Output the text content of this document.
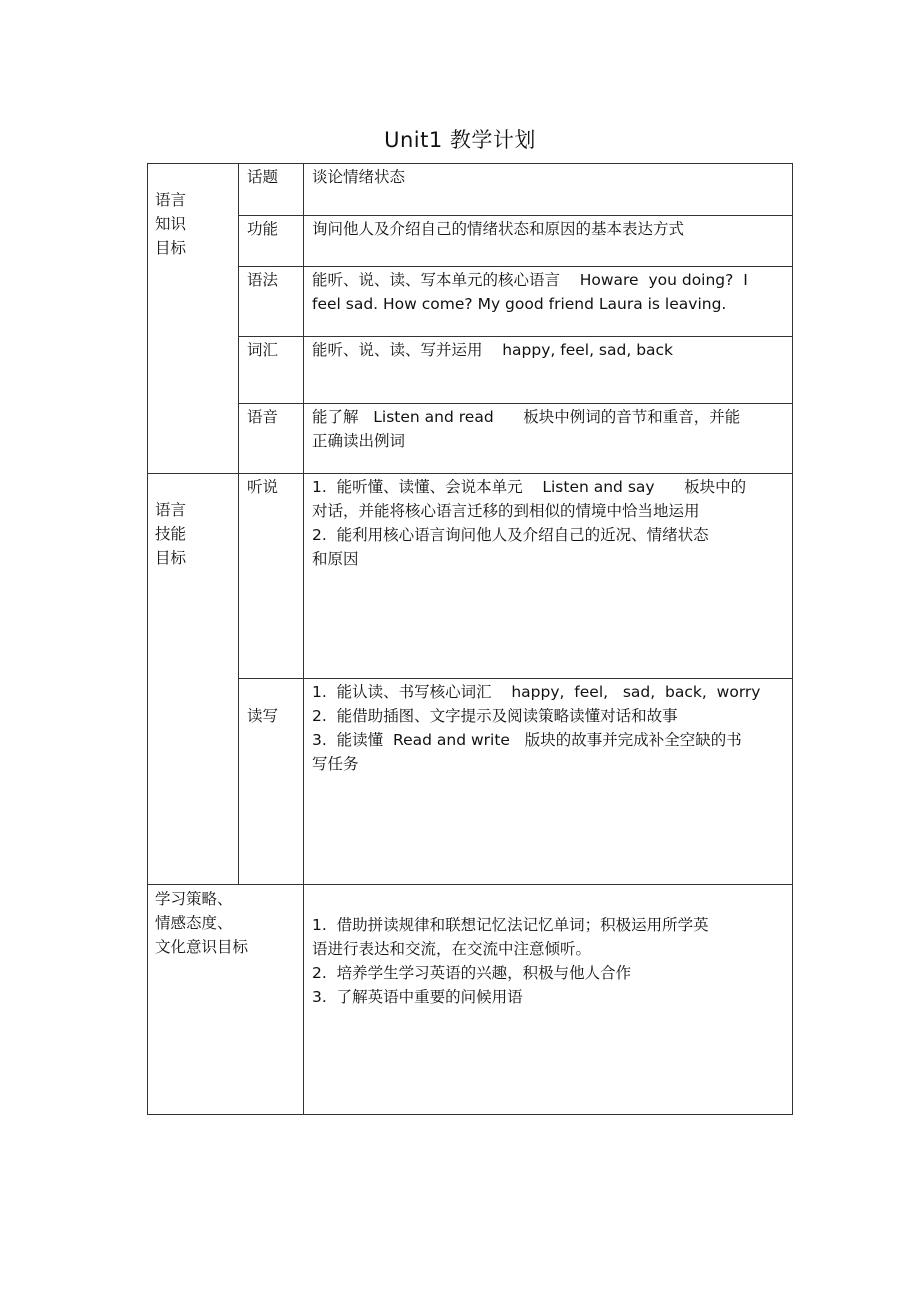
Unit1 教学计划
语言
知识
目标	话题	谈论情绪状态

	功能	询问他人及介绍自己的情绪状态和原因的基本表达方式

	语法	能听、说、读、写本单元的核心语言    Howare  you doing?  I
feel sad. How come? My good friend Laura is leaving.

	词汇	能听、说、读、写并运用    happy, feel, sad, back

	语音	能了解   Listen and read      板块中例词的音节和重音，并能
正确读出例词

语言
技能
目标	听说	1.  能听懂、读懂、会说本单元    Listen and say      板块中的
对话，并能将核心语言迁移的到相似的情境中恰当地运用
2.  能利用核心语言询问他人及介绍自己的近况、情绪状态
和原因

	读写	1.  能认读、书写核心词汇    happy,  feel,   sad,  back,  worry
2.  能借助插图、文字提示及阅读策略读懂对话和故事
3.  能读懂  Read and write   版块的故事并完成补全空缺的书
写任务

学习策略、
情感态度、
文化意识目标		1.  借助拼读规律和联想记忆法记忆单词；积极运用所学英
语进行表达和交流，在交流中注意倾听。
2.  培养学生学习英语的兴趣，积极与他人合作
3.  了解英语中重要的问候用语
